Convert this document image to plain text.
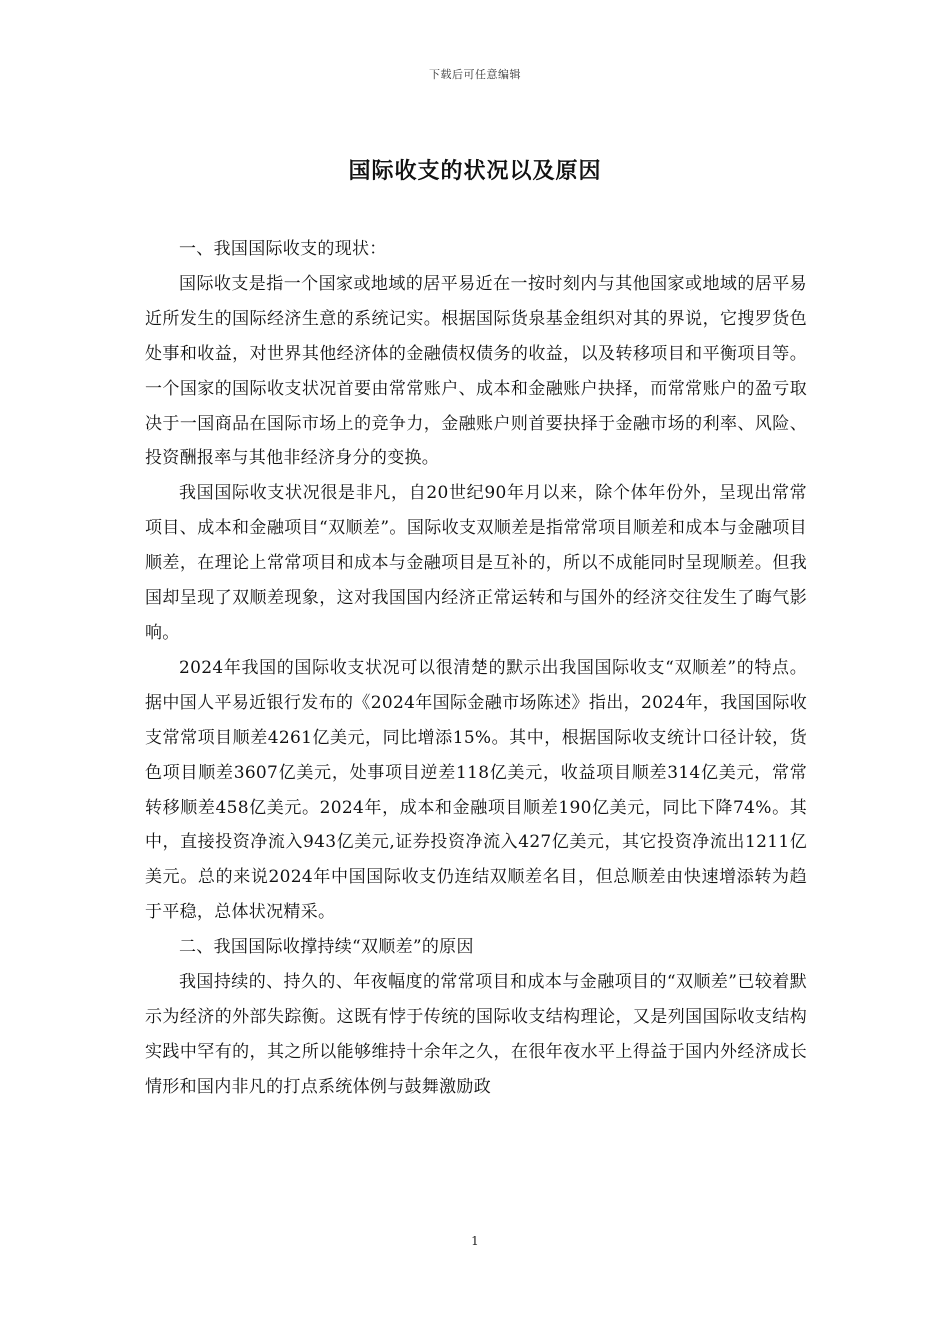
下载后可任意编辑
国际收支的状况以及原因

一、我国国际收支的现状：

国际收支是指一个国家或地域的居平易近在一按时刻内与其他国家或地域的居平易近所发生的国际经济生意的系统记实。根据国际货泉基金组织对其的界说，它搜罗货色处事和收益，对世界其他经济体的金融债权债务的收益，以及转移项目和平衡项目等。一个国家的国际收支状况首要由常常账户、成本和金融账户抉择，而常常账户的盈亏取决于一国商品在国际市场上的竞争力，金融账户则首要抉择于金融市场的利率、风险、投资酬报率与其他非经济身分的变换。

我国国际收支状况很是非凡，自20世纪90年月以来，除个体年份外，呈现出常常项目、成本和金融项目“双顺差”。国际收支双顺差是指常常项目顺差和成本与金融项目顺差，在理论上常常项目和成本与金融项目是互补的，所以不成能同时呈现顺差。但我国却呈现了双顺差现象，这对我国国内经济正常运转和与国外的经济交往发生了晦气影响。

2024年我国的国际收支状况可以很清楚的默示出我国国际收支“双顺差”的特点。据中国人平易近银行发布的《2024年国际金融市场陈述》指出，2024年，我国国际收支常常项目顺差4261亿美元，同比增添15%。其中，根据国际收支统计口径计较，货色项目顺差3607亿美元，处事项目逆差118亿美元，收益项目顺差314亿美元，常常转移顺差458亿美元。2024年，成本和金融项目顺差190亿美元，同比下降74%。其中，直接投资净流入943亿美元,证券投资净流入427亿美元，其它投资净流出1211亿美元。总的来说2024年中国国际收支仍连结双顺差名目，但总顺差由快速增添转为趋于平稳，总体状况精采。

二、我国国际收撑持续“双顺差”的原因

我国持续的、持久的、年夜幅度的常常项目和成本与金融项目的“双顺差”已较着默示为经济的外部失踪衡。这既有悖于传统的国际收支结构理论，又是列国国际收支结构实践中罕有的，其之所以能够维持十余年之久，在很年夜水平上得益于国内外经济成长情形和国内非凡的打点系统体例与鼓舞激励政

1
